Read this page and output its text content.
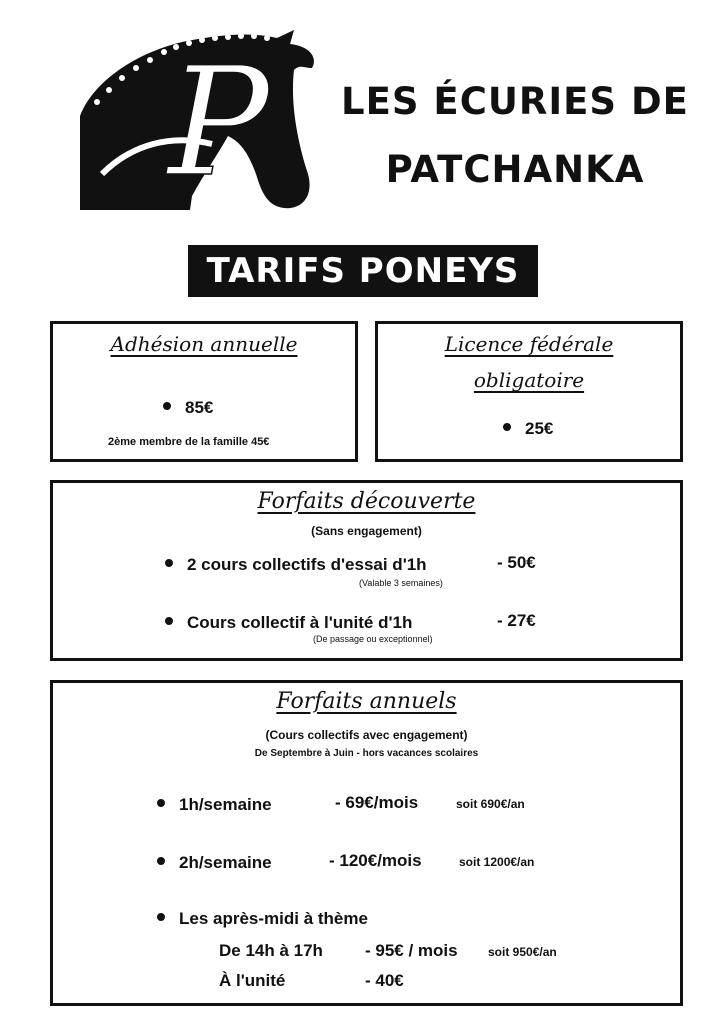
P LES ÉCURIES DE
PATCHANKA
TARIFS PONEYS
Adhésion annuelle
85€
2ème membre de la famille 45€
Licence fédérale
obligatoire
25€
Forfaits découverte
(Sans engagement)
2 cours collectifs d'essai d'1h	- 50€
(Valable 3 semaines)
Cours collectif à l'unité d'1h	- 27€
(De passage ou exceptionnel)
Forfaits annuels
(Cours collectifs avec engagement)
De Septembre à Juin - hors vacances scolaires
1h/semaine	- 69€/mois	soit 690€/an
2h/semaine	- 120€/mois	soit 1200€/an
Les après-midi à thème
De 14h à 17h - 95€ / mois	soit 950€/an
À l'unité	- 40€
